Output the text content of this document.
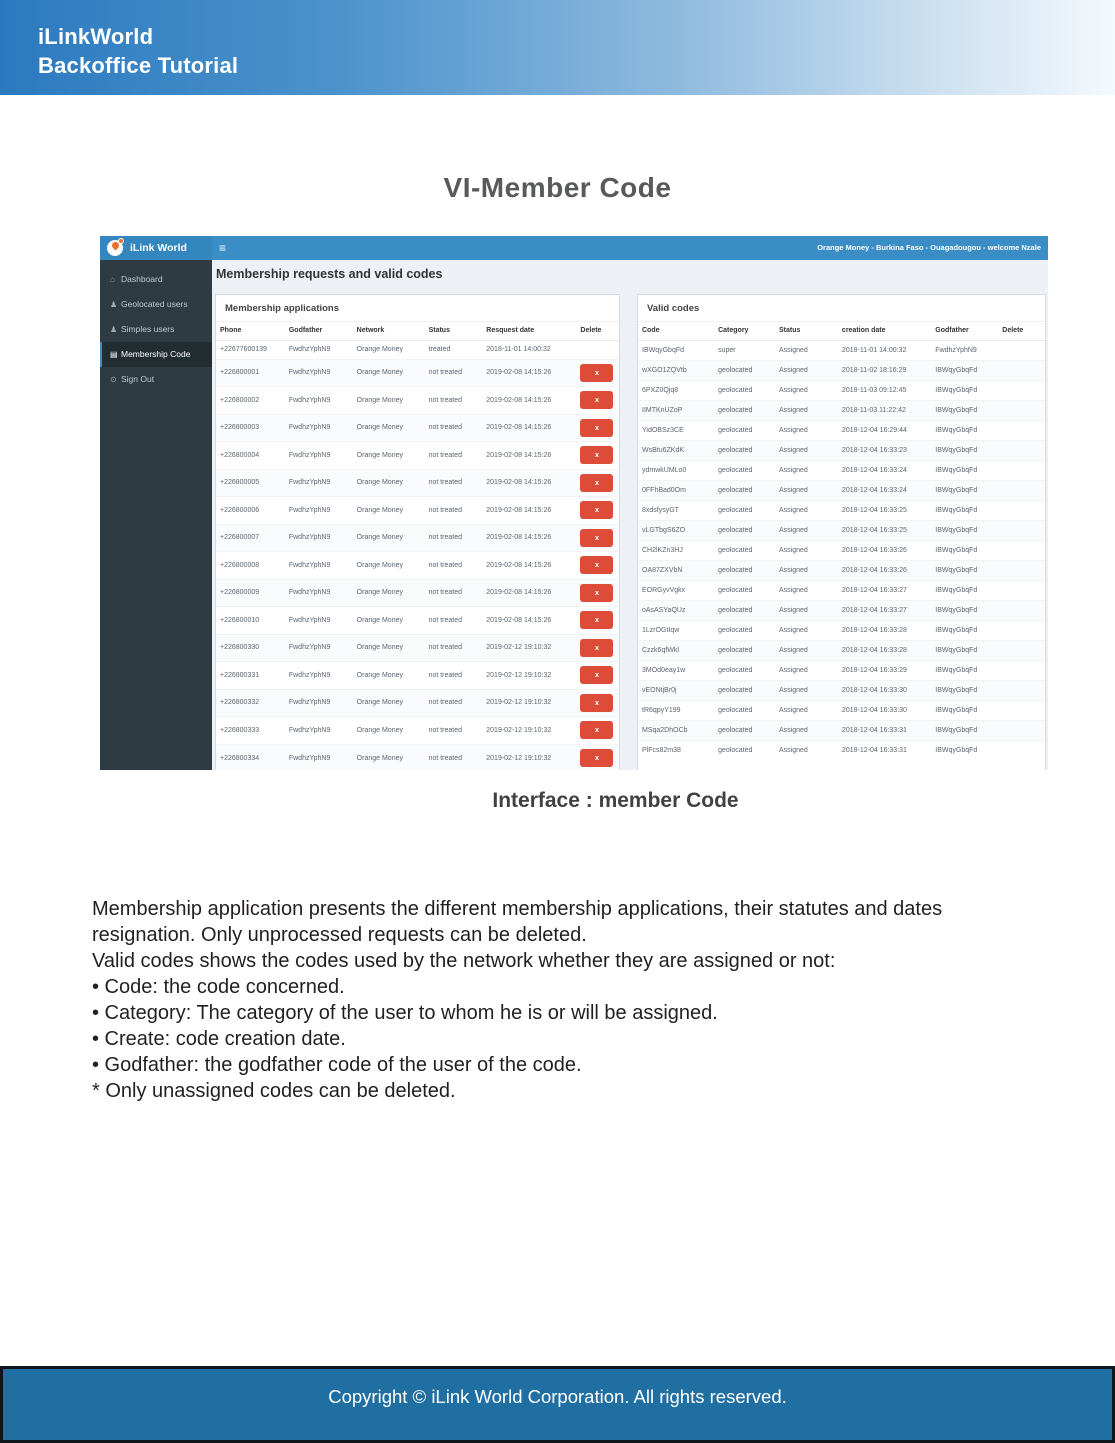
iLinkWorld
Backoffice Tutorial
VI-Member Code
iLink World	≡	Orange Money - Burkina Faso - Ouagadougou - welcome Nzale
⌂ Dashboard
♟ Geolocated users
♟ Simples users
▤ Membership Code
⊙ Sign Out
Membership requests and valid codes
Membership applications
Phone	Godfather	Network	Status	Resquest date	Delete
+22677600139	FwdhzYphN9	Orange Money	treated	2018-11-01 14:00:32	
+226800001	FwdhzYphN9	Orange Money	not treated	2019-02-08 14:15:26	x
+226800002	FwdhzYphN9	Orange Money	not treated	2019-02-08 14:15:26	x
+226800003	FwdhzYphN9	Orange Money	not treated	2019-02-08 14:15:26	x
+226800004	FwdhzYphN9	Orange Money	not treated	2019-02-08 14:15:26	x
+226800005	FwdhzYphN9	Orange Money	not treated	2019-02-08 14:15:26	x
+226800006	FwdhzYphN9	Orange Money	not treated	2019-02-08 14:15:26	x
+226800007	FwdhzYphN9	Orange Money	not treated	2019-02-08 14:15:26	x
+226800008	FwdhzYphN9	Orange Money	not treated	2019-02-08 14:15:26	x
+226800009	FwdhzYphN9	Orange Money	not treated	2019-02-08 14:15:26	x
+226800010	FwdhzYphN9	Orange Money	not treated	2019-02-08 14:15:26	x
+226800330	FwdhzYphN9	Orange Money	not treated	2019-02-12 19:10:32	x
+226800331	FwdhzYphN9	Orange Money	not treated	2019-02-12 19:10:32	x
+226800332	FwdhzYphN9	Orange Money	not treated	2019-02-12 19:10:32	x
+226800333	FwdhzYphN9	Orange Money	not treated	2019-02-12 19:10:32	x
+226800334	FwdhzYphN9	Orange Money	not treated	2019-02-12 19:10:32	x
Valid codes
Code	Category	Status	creation date	Godfather	Delete
IBWqyGbqFd	super	Assigned	2018-11-01 14:00:32	FwdhzYphN9	
wXGO1ZQVtb	geolocated	Assigned	2018-11-02 18:16:29	IBWqyGbqFd	
6PXZ0Qjq8	geolocated	Assigned	2018-11-03 09:12:45	IBWqyGbqFd	
IIMTKnUZoP	geolocated	Assigned	2018-11-03 11:22:42	IBWqyGbqFd	
YidOBSz3CE	geolocated	Assigned	2018-12-04 16:29:44	IBWqyGbqFd	
WsBtu6ZKdK	geolocated	Assigned	2018-12-04 16:33:23	IBWqyGbqFd	
ydmwkUMLo0	geolocated	Assigned	2018-12-04 16:33:24	IBWqyGbqFd	
0FFhBad0Om	geolocated	Assigned	2018-12-04 16:33:24	IBWqyGbqFd	
8xdsfysyGT	geolocated	Assigned	2018-12-04 16:33:25	IBWqyGbqFd	
vLGTbgS6ZO	geolocated	Assigned	2018-12-04 16:33:25	IBWqyGbqFd	
CH2lKZn3HJ	geolocated	Assigned	2018-12-04 16:33:26	IBWqyGbqFd	
OA87ZXVbN	geolocated	Assigned	2018-12-04 16:33:26	IBWqyGbqFd	
EORGyvVgkx	geolocated	Assigned	2018-12-04 16:33:27	IBWqyGbqFd	
oAsASYaQUz	geolocated	Assigned	2018-12-04 16:33:27	IBWqyGbqFd	
1LzrOGtIqw	geolocated	Assigned	2018-12-04 16:33:28	IBWqyGbqFd	
Czzk6qfWkl	geolocated	Assigned	2018-12-04 16:33:28	IBWqyGbqFd	
3MOd0eay1w	geolocated	Assigned	2018-12-04 16:33:29	IBWqyGbqFd	
vEONtjBr0j	geolocated	Assigned	2018-12-04 16:33:30	IBWqyGbqFd	
tR6qpyY199	geolocated	Assigned	2018-12-04 16:33:30	IBWqyGbqFd	
MSqa2DhOCb	geolocated	Assigned	2018-12-04 16:33:31	IBWqyGbqFd	
PlFcs82m38	geolocated	Assigned	2018-12-04 16:33:31	IBWqyGbqFd	
Interface : member Code
Membership application presents the different membership applications, their statutes and dates
resignation. Only unprocessed requests can be deleted.
Valid codes shows the codes used by the network whether they are assigned or not:
• Code: the code concerned.
• Category: The category of the user to whom he is or will be assigned.
• Create: code creation date.
• Godfather: the godfather code of the user of the code.
* Only unassigned codes can be deleted.
Copyright © iLink World Corporation. All rights reserved.
